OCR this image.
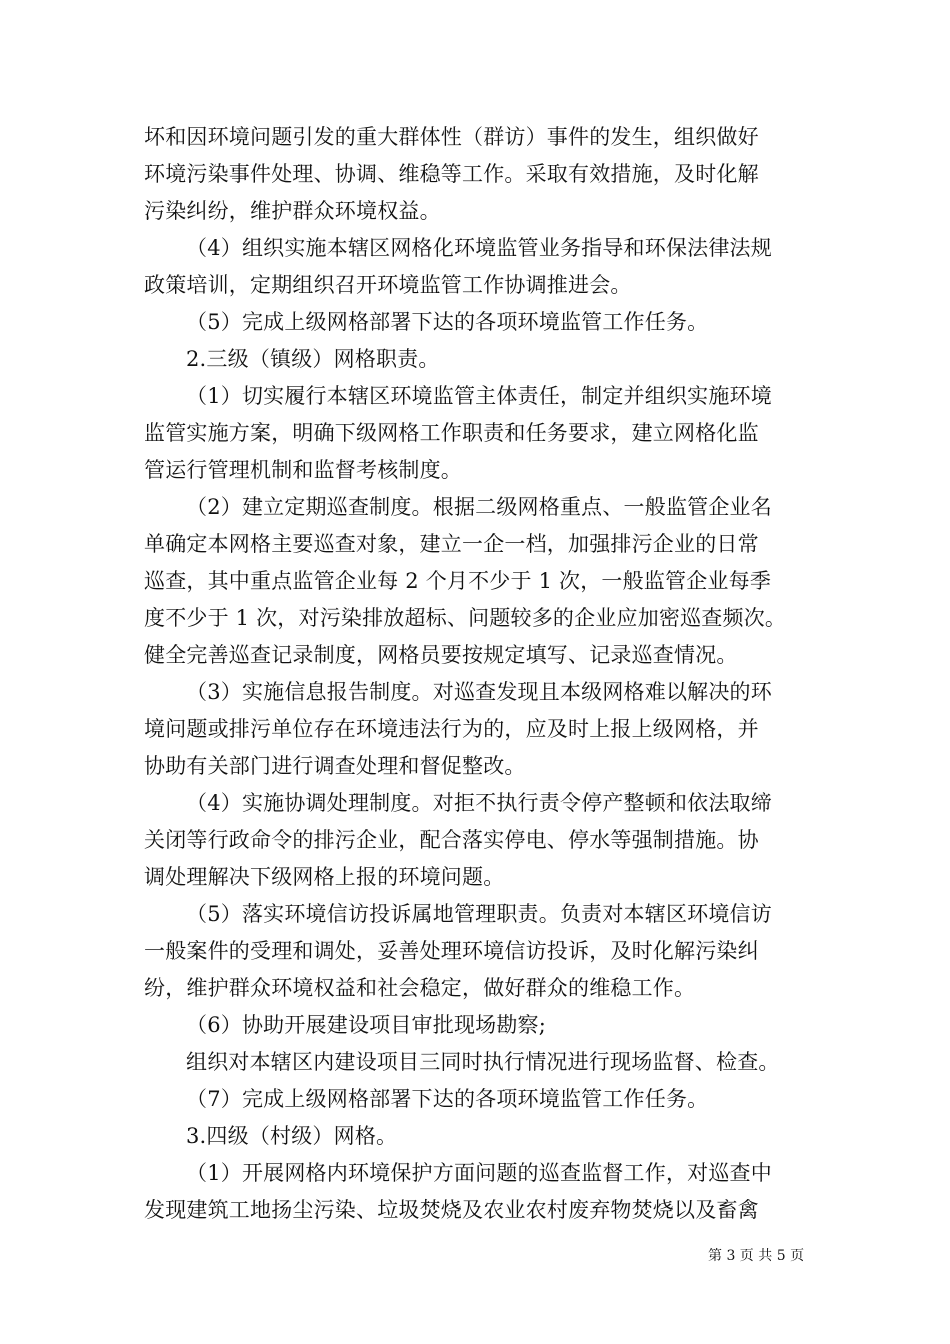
坏和因环境问题引发的重大群体性（群访）事件的发生，组织做好
环境污染事件处理、协调、维稳等工作。采取有效措施，及时化解
污染纠纷，维护群众环境权益。
（4）组织实施本辖区网格化环境监管业务指导和环保法律法规
政策培训，定期组织召开环境监管工作协调推进会。
（5）完成上级网格部署下达的各项环境监管工作任务。
2.三级（镇级）网格职责。
（1）切实履行本辖区环境监管主体责任，制定并组织实施环境
监管实施方案，明确下级网格工作职责和任务要求，建立网格化监
管运行管理机制和监督考核制度。
（2）建立定期巡查制度。根据二级网格重点、一般监管企业名
单确定本网格主要巡查对象，建立一企一档，加强排污企业的日常
巡查，其中重点监管企业每 2 个月不少于 1 次，一般监管企业每季
度不少于 1 次，对污染排放超标、问题较多的企业应加密巡查频次。
健全完善巡查记录制度，网格员要按规定填写、记录巡查情况。
（3）实施信息报告制度。对巡查发现且本级网格难以解决的环
境问题或排污单位存在环境违法行为的，应及时上报上级网格，并
协助有关部门进行调查处理和督促整改。
（4）实施协调处理制度。对拒不执行责令停产整顿和依法取缔
关闭等行政命令的排污企业，配合落实停电、停水等强制措施。协
调处理解决下级网格上报的环境问题。
（5）落实环境信访投诉属地管理职责。负责对本辖区环境信访
一般案件的受理和调处，妥善处理环境信访投诉，及时化解污染纠
纷，维护群众环境权益和社会稳定，做好群众的维稳工作。
（6）协助开展建设项目审批现场勘察;
组织对本辖区内建设项目三同时执行情况进行现场监督、检查。
（7）完成上级网格部署下达的各项环境监管工作任务。
3.四级（村级）网格。
（1）开展网格内环境保护方面问题的巡查监督工作，对巡查中
发现建筑工地扬尘污染、垃圾焚烧及农业农村废弃物焚烧以及畜禽
第 3 页 共 5 页
